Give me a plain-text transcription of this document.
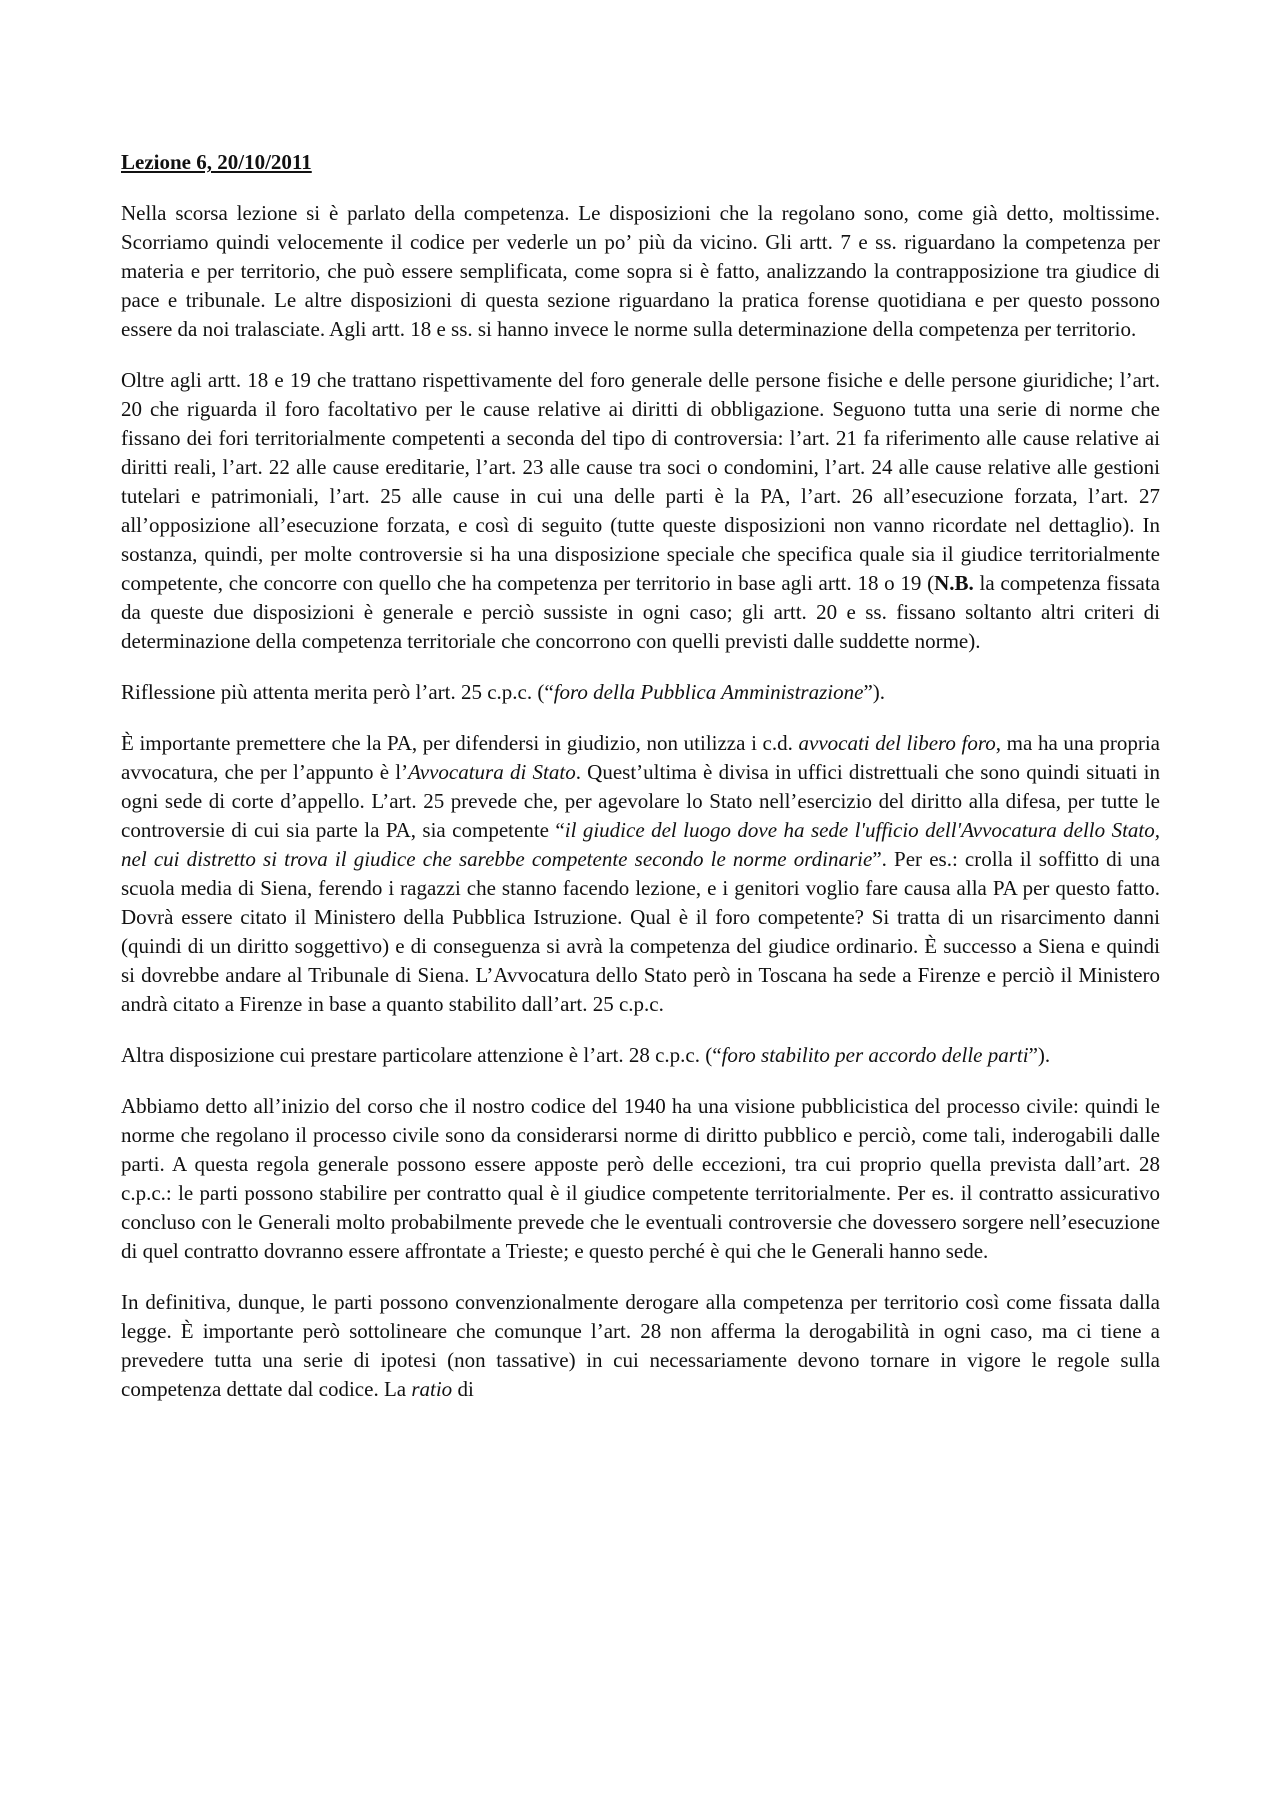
Lezione 6, 20/10/2011

Nella scorsa lezione si è parlato della competenza. Le disposizioni che la regolano sono, come già detto, moltissime. Scorriamo quindi velocemente il codice per vederle un po’ più da vicino. Gli artt. 7 e ss. riguardano la competenza per materia e per territorio, che può essere semplificata, come sopra si è fatto, analizzando la contrapposizione tra giudice di pace e tribunale. Le altre disposizioni di questa sezione riguardano la pratica forense quotidiana e per questo possono essere da noi tralasciate. Agli artt. 18 e ss. si hanno invece le norme sulla determinazione della competenza per territorio.

Oltre agli artt. 18 e 19 che trattano rispettivamente del foro generale delle persone fisiche e delle persone giuridiche; l’art. 20 che riguarda il foro facoltativo per le cause relative ai diritti di obbligazione. Seguono tutta una serie di norme che fissano dei fori territorialmente competenti a seconda del tipo di controversia: l’art. 21 fa riferimento alle cause relative ai diritti reali, l’art. 22 alle cause ereditarie, l’art. 23 alle cause tra soci o condomini, l’art. 24 alle cause relative alle gestioni tutelari e patrimoniali, l’art. 25 alle cause in cui una delle parti è la PA, l’art. 26 all’esecuzione forzata, l’art. 27 all’opposizione all’esecuzione forzata, e così di seguito (tutte queste disposizioni non vanno ricordate nel dettaglio). In sostanza, quindi, per molte controversie si ha una disposizione speciale che specifica quale sia il giudice territorialmente competente, che concorre con quello che ha competenza per territorio in base agli artt. 18 o 19 (N.B. la competenza fissata da queste due disposizioni è generale e perciò sussiste in ogni caso; gli artt. 20 e ss. fissano soltanto altri criteri di determinazione della competenza territoriale che concorrono con quelli previsti dalle suddette norme).

Riflessione più attenta merita però l’art. 25 c.p.c. (“foro della Pubblica Amministrazione”).

È importante premettere che la PA, per difendersi in giudizio, non utilizza i c.d. avvocati del libero foro, ma ha una propria avvocatura, che per l’appunto è l’Avvocatura di Stato. Quest’ultima è divisa in uffici distrettuali che sono quindi situati in ogni sede di corte d’appello. L’art. 25 prevede che, per agevolare lo Stato nell’esercizio del diritto alla difesa, per tutte le controversie di cui sia parte la PA, sia competente “il giudice del luogo dove ha sede l'ufficio dell'Avvocatura dello Stato, nel cui distretto si trova il giudice che sarebbe competente secondo le norme ordinarie”. Per es.: crolla il soffitto di una scuola media di Siena, ferendo i ragazzi che stanno facendo lezione, e i genitori voglio fare causa alla PA per questo fatto. Dovrà essere citato il Ministero della Pubblica Istruzione. Qual è il foro competente? Si tratta di un risarcimento danni (quindi di un diritto soggettivo) e di conseguenza si avrà la competenza del giudice ordinario. È successo a Siena e quindi si dovrebbe andare al Tribunale di Siena. L’Avvocatura dello Stato però in Toscana ha sede a Firenze e perciò il Ministero andrà citato a Firenze in base a quanto stabilito dall’art. 25 c.p.c.

Altra disposizione cui prestare particolare attenzione è l’art. 28 c.p.c. (“foro stabilito per accordo delle parti”).

Abbiamo detto all’inizio del corso che il nostro codice del 1940 ha una visione pubblicistica del processo civile: quindi le norme che regolano il processo civile sono da considerarsi norme di diritto pubblico e perciò, come tali, inderogabili dalle parti. A questa regola generale possono essere apposte però delle eccezioni, tra cui proprio quella prevista dall’art. 28 c.p.c.: le parti possono stabilire per contratto qual è il giudice competente territorialmente. Per es. il contratto assicurativo concluso con le Generali molto probabilmente prevede che le eventuali controversie che dovessero sorgere nell’esecuzione di quel contratto dovranno essere affrontate a Trieste; e questo perché è qui che le Generali hanno sede.

In definitiva, dunque, le parti possono convenzionalmente derogare alla competenza per territorio così come fissata dalla legge. È importante però sottolineare che comunque l’art. 28 non afferma la derogabilità in ogni caso, ma ci tiene a prevedere tutta una serie di ipotesi (non tassative) in cui necessariamente devono tornare in vigore le regole sulla competenza dettate dal codice. La ratio di
